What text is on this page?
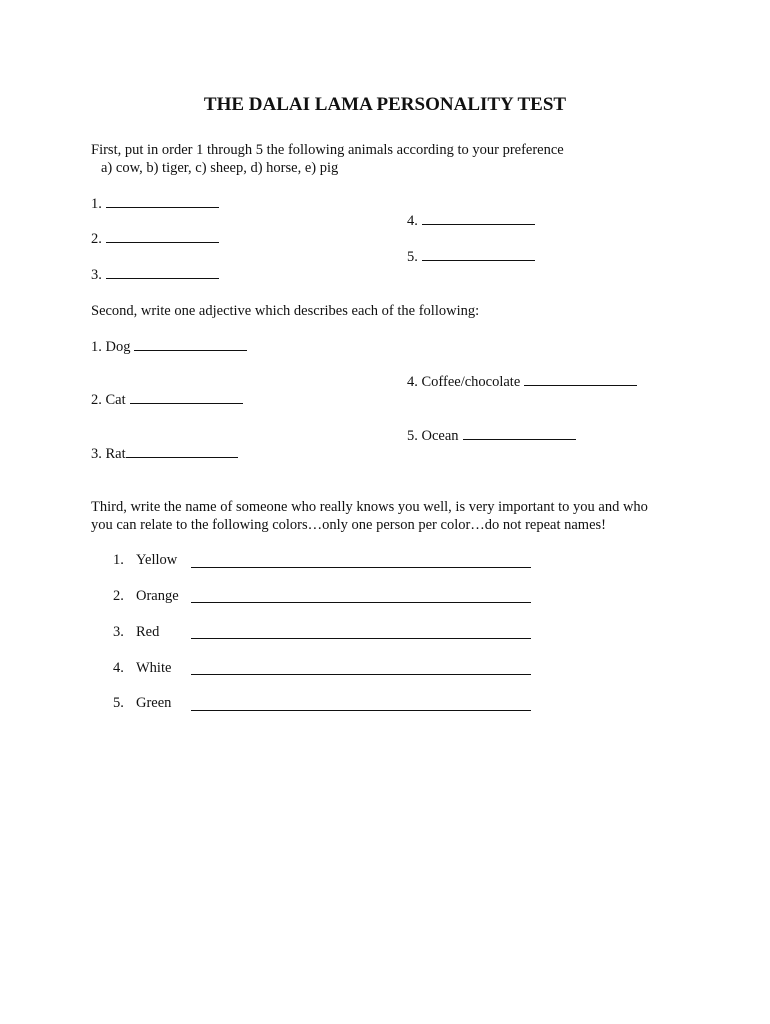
THE DALAI LAMA PERSONALITY TEST
First, put in order 1 through 5 the following animals according to your preference
a) cow, b) tiger, c) sheep, d) horse, e) pig
1.
2.
3.
4.
5.
Second, write one adjective which describes each of the following:
1. Dog
2. Cat
3. Rat
4. Coffee/chocolate
5. Ocean
Third, write the name of someone who really knows you well, is very important to you and who
you can relate to the following colors…only one person per color…do not repeat names!
1. Yellow
2. Orange
3. Red
4. White
5. Green
